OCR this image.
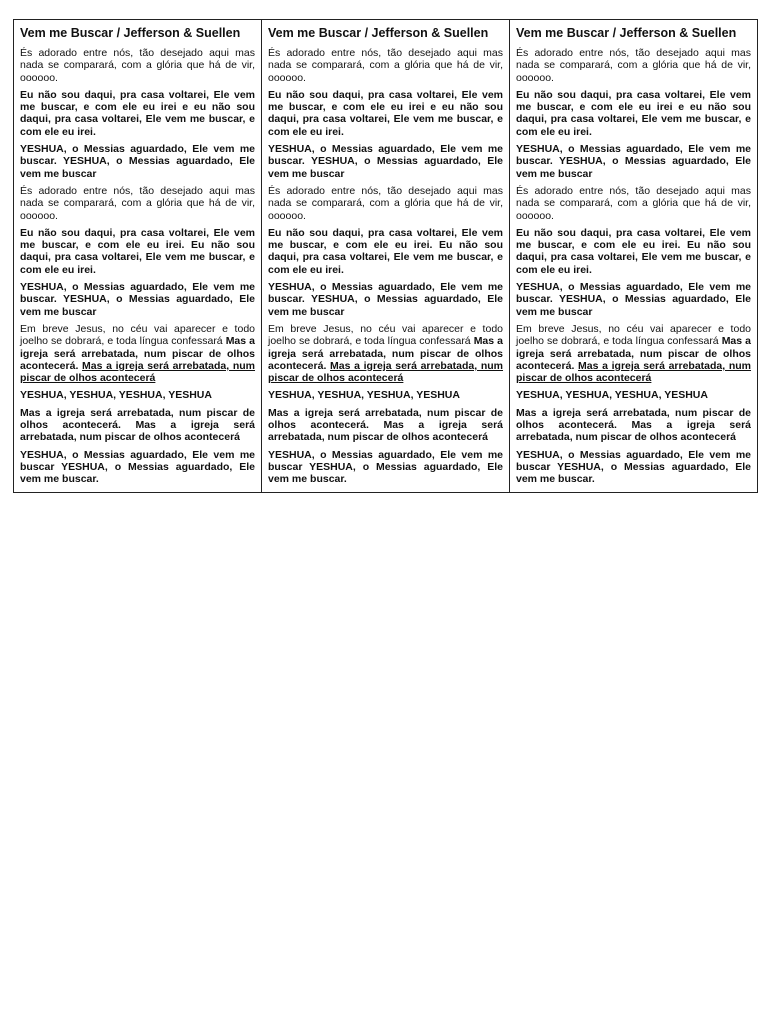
Vem me Buscar / Jefferson & Suellen

És adorado entre nós, tão desejado aqui mas nada se comparará, com a glória que há de vir, oooooo.

Eu não sou daqui, pra casa voltarei, Ele vem me buscar, e com ele eu irei e eu não sou daqui, pra casa voltarei, Ele vem me buscar, e com ele eu irei.

YESHUA, o Messias aguardado, Ele vem me buscar. YESHUA, o Messias aguardado, Ele vem me buscar

És adorado entre nós, tão desejado aqui mas nada se comparará, com a glória que há de vir, oooooo.

Eu não sou daqui, pra casa voltarei, Ele vem me buscar, e com ele eu irei. Eu não sou daqui, pra casa voltarei, Ele vem me buscar, e com ele eu irei.

YESHUA, o Messias aguardado, Ele vem me buscar. YESHUA, o Messias aguardado, Ele vem me buscar

Em breve Jesus, no céu vai aparecer e todo joelho se dobrará, e toda língua confessará Mas a igreja será arrebatada, num piscar de olhos acontecerá. Mas a igreja será arrebatada, num piscar de olhos acontecerá

YESHUA, YESHUA, YESHUA, YESHUA

Mas a igreja será arrebatada, num piscar de olhos acontecerá. Mas a igreja será arrebatada, num piscar de olhos acontecerá

YESHUA, o Messias aguardado, Ele vem me buscar YESHUA, o Messias aguardado, Ele vem me buscar.

Vem me Buscar / Jefferson & Suellen

És adorado entre nós, tão desejado aqui mas nada se comparará, com a glória que há de vir, oooooo.

Eu não sou daqui, pra casa voltarei, Ele vem me buscar, e com ele eu irei e eu não sou daqui, pra casa voltarei, Ele vem me buscar, e com ele eu irei.

YESHUA, o Messias aguardado, Ele vem me buscar. YESHUA, o Messias aguardado, Ele vem me buscar

És adorado entre nós, tão desejado aqui mas nada se comparará, com a glória que há de vir, oooooo.

Eu não sou daqui, pra casa voltarei, Ele vem me buscar, e com ele eu irei. Eu não sou daqui, pra casa voltarei, Ele vem me buscar, e com ele eu irei.

YESHUA, o Messias aguardado, Ele vem me buscar. YESHUA, o Messias aguardado, Ele vem me buscar

Em breve Jesus, no céu vai aparecer e todo joelho se dobrará, e toda língua confessará Mas a igreja será arrebatada, num piscar de olhos acontecerá. Mas a igreja será arrebatada, num piscar de olhos acontecerá

YESHUA, YESHUA, YESHUA, YESHUA

Mas a igreja será arrebatada, num piscar de olhos acontecerá. Mas a igreja será arrebatada, num piscar de olhos acontecerá

YESHUA, o Messias aguardado, Ele vem me buscar YESHUA, o Messias aguardado, Ele vem me buscar.

Vem me Buscar / Jefferson & Suellen

És adorado entre nós, tão desejado aqui mas nada se comparará, com a glória que há de vir, oooooo.

Eu não sou daqui, pra casa voltarei, Ele vem me buscar, e com ele eu irei e eu não sou daqui, pra casa voltarei, Ele vem me buscar, e com ele eu irei.

YESHUA, o Messias aguardado, Ele vem me buscar. YESHUA, o Messias aguardado, Ele vem me buscar

És adorado entre nós, tão desejado aqui mas nada se comparará, com a glória que há de vir, oooooo.

Eu não sou daqui, pra casa voltarei, Ele vem me buscar, e com ele eu irei. Eu não sou daqui, pra casa voltarei, Ele vem me buscar, e com ele eu irei.

YESHUA, o Messias aguardado, Ele vem me buscar. YESHUA, o Messias aguardado, Ele vem me buscar

Em breve Jesus, no céu vai aparecer e todo joelho se dobrará, e toda língua confessará Mas a igreja será arrebatada, num piscar de olhos acontecerá. Mas a igreja será arrebatada, num piscar de olhos acontecerá

YESHUA, YESHUA, YESHUA, YESHUA

Mas a igreja será arrebatada, num piscar de olhos acontecerá. Mas a igreja será arrebatada, num piscar de olhos acontecerá

YESHUA, o Messias aguardado, Ele vem me buscar YESHUA, o Messias aguardado, Ele vem me buscar.
